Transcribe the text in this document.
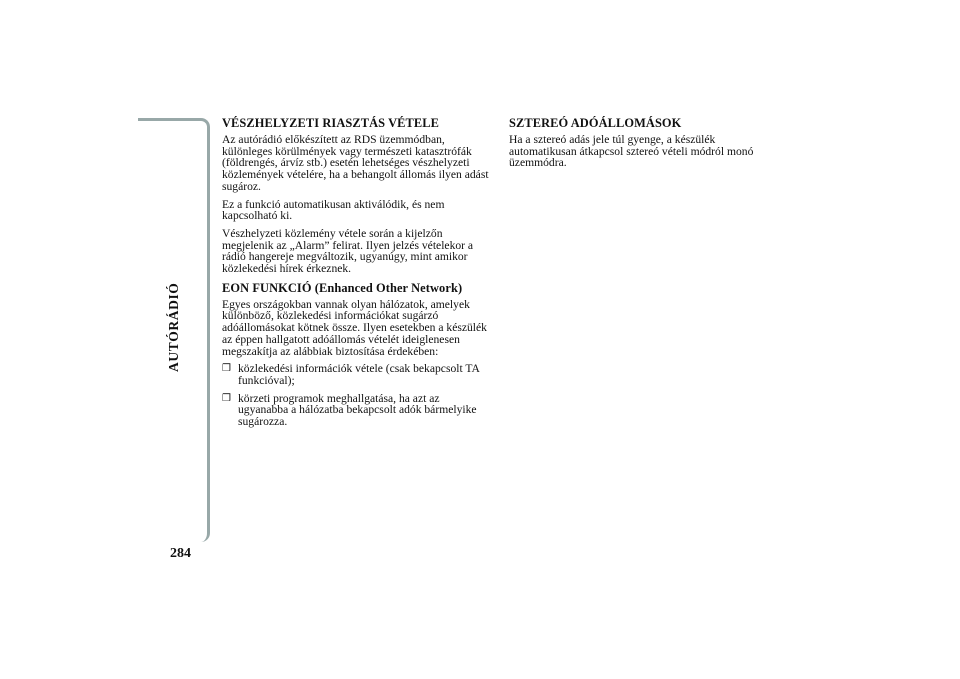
AUTÓRÁDIÓ
284
VÉSZHELYZETI RIASZTÁS VÉTELE

Az autórádió előkészített az RDS üzemmódban, különleges körülmények vagy természeti katasztrófák (földrengés, árvíz stb.) esetén lehetséges vészhelyzeti közlemények vételére, ha a behangolt állomás ilyen adást sugároz.

Ez a funkció automatikusan aktiválódik, és nem kapcsolható ki.

Vészhelyzeti közlemény vétele során a kijelzőn megjelenik az „Alarm” felirat. Ilyen jelzés vételekor a rádió hangereje megváltozik, ugyanúgy, mint amikor közlekedési hírek érkeznek.

EON FUNKCIÓ (Enhanced Other Network)

Egyes országokban vannak olyan hálózatok, amelyek különböző, közlekedési információkat sugárzó adóállomásokat kötnek össze. Ilyen esetekben a készülék az éppen hallgatott adóállomás vételét ideiglenesen megszakítja az alábbiak biztosítása érdekében:

❒ közlekedési információk vétele (csak bekapcsolt TA funkcióval);

❒ körzeti programok meghallgatása, ha azt az ugyanabba a hálózatba bekapcsolt adók bármelyike sugározza.

SZTEREÓ ADÓÁLLOMÁSOK

Ha a sztereó adás jele túl gyenge, a készülék automatikusan átkapcsol sztereó vételi módról monó üzemmódra.
